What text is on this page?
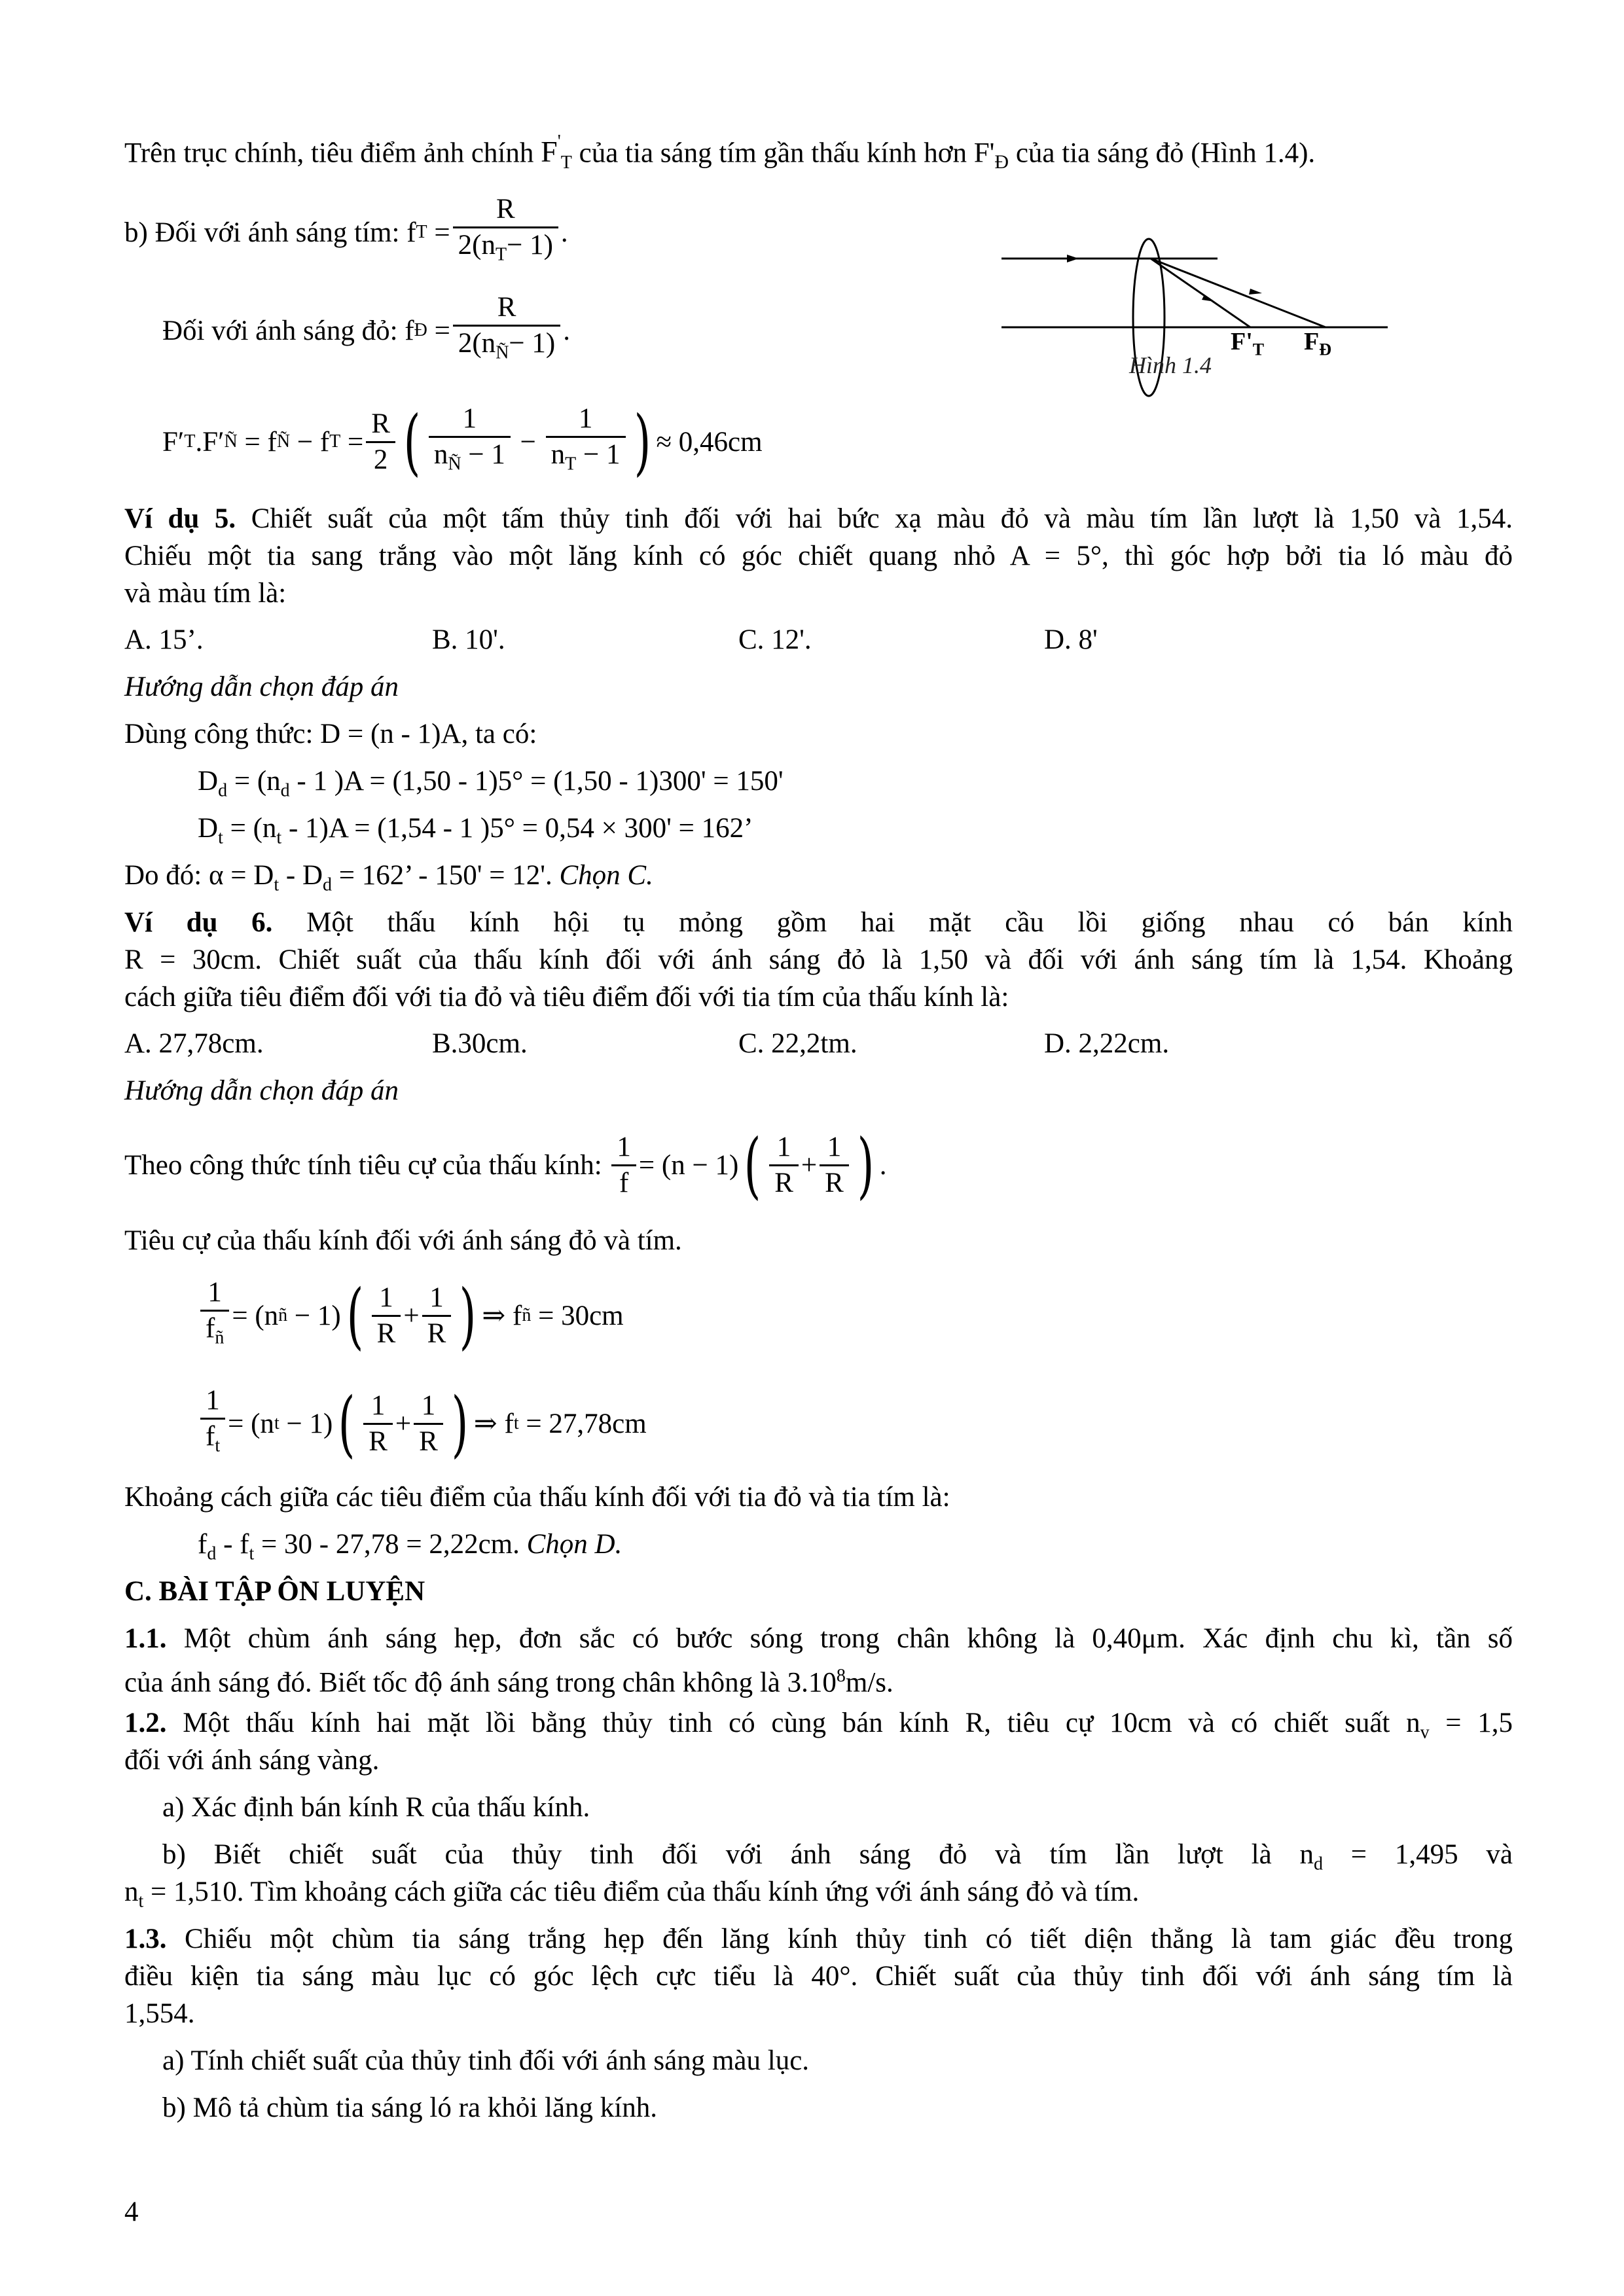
Trên trục chính, tiêu điểm ảnh chính $F'_T$ của tia sáng tím gần thấu kính hơn $F'_Đ$ của tia sáng đỏ (Hình 1.4).
b) Đối với ánh sáng tím:
f $T = \frac{R}{2(n_T- 1)}$ .
Đối với ánh sáng đỏ: f Đ = $\frac{R}{2(n_Ñ- 1)}$ .
F′ T .F′ Ñ
= f Ñ
− f $T = \frac{R}{2}$ ( $\frac{1}{n_Ñ - 1} - \frac{1}{n_T - 1}$ ) ≈ 0,46cm
$F'_T$ $F_Đ$
Hình 1.4
Ví dụ 5. Chiết suất của một tấm thủy tinh đối với hai bức xạ màu đỏ và màu tím lần lượt là 1,50 và 1,54.
Chiếu một tia sang trắng vào một lăng kính có góc chiết quang nhỏ A = 5°, thì góc hợp bởi tia ló màu đỏ
và màu tím là:
A. 15’.	B. 10'.	C. 12'.	D. 8'
Hướng dẫn chọn đáp án
Dùng công thức: D = (n - 1)A, ta có:
$D_d = (n_d - 1$ )A = (1,50 - 1)5° = (1,50 - 1)300' = 150'
$D_t = (n_t - 1)A = (1,54 - 1$ )5° = 0,54 × 300' = 162’
Do đó: $\alpha = D_t - D_d = 162$’ - 150' = 12'. Chọn C.
Ví dụ 6. Một thấu kính hội tụ mỏng gồm hai mặt cầu lồi giống nhau có bán kính
R = 30cm. Chiết suất của thấu kính đối với ánh sáng đỏ là 1,50 và đối với ánh sáng tím là 1,54. Khoảng
cách giữa tiêu điểm đối với tia đỏ và tiêu điểm đối với tia tím của thấu kính là:
A. 27,78cm.	B.30cm.	C. 22,2tm.	D. 2,22cm.
Hướng dẫn chọn đáp án
Theo công thức tính tiêu cự của thấu kính:
$\frac{1}{f} = (n - 1)$ ( $\frac{1}{R} + \frac{1}{R}$ ) .
Tiêu cự của thấu kính đối với ánh sáng đỏ và tím.
$\frac{1}{f_ñ} = (n$ ñ
− 1) ( $\frac{1}{R} + \frac{1}{R}$ ) ⇒ f ñ
= 30cm
$\frac{1}{f_t} = (n$ t
− 1) ( $\frac{1}{R} + \frac{1}{R}$ ) ⇒ f t
= 27,78cm
Khoảng cách giữa các tiêu điểm của thấu kính đối với tia đỏ và tia tím là:
$f_d - f_t = 30 - 27,78 = 2,22cm$. Chọn D.
C. BÀI TẬP ÔN LUYỆN
1.1. Một chùm ánh sáng hẹp, đơn sắc có bước sóng trong chân không là 0,40μm. Xác định chu kì, tần số
của ánh sáng đó. Biết tốc độ ánh sáng trong chân không là 3.10$^8$m/s.
1.2. Một thấu kính hai mặt lồi bằng thủy tinh có cùng bán kính R, tiêu cự 10cm và có chiết suất $n_v = 1,5$
đối với ánh sáng vàng.
a) Xác định bán kính R của thấu kính.
b) Biết chiết suất của thủy tinh đối với ánh sáng đỏ và tím lần lượt là $n_d = 1,495$ và
$n_t = 1,510$. Tìm khoảng cách giữa các tiêu điểm của thấu kính ứng với ánh sáng đỏ và tím.
1.3. Chiếu một chùm tia sáng trắng hẹp đến lăng kính thủy tinh có tiết diện thẳng là tam giác đều trong
điều kiện tia sáng màu lục có góc lệch cực tiểu là 40°. Chiết suất của thủy tinh đối với ánh sáng tím là
1,554.
a) Tính chiết suất của thủy tinh đối với ánh sáng màu lục.
b) Mô tả chùm tia sáng ló ra khỏi lăng kính.
4
